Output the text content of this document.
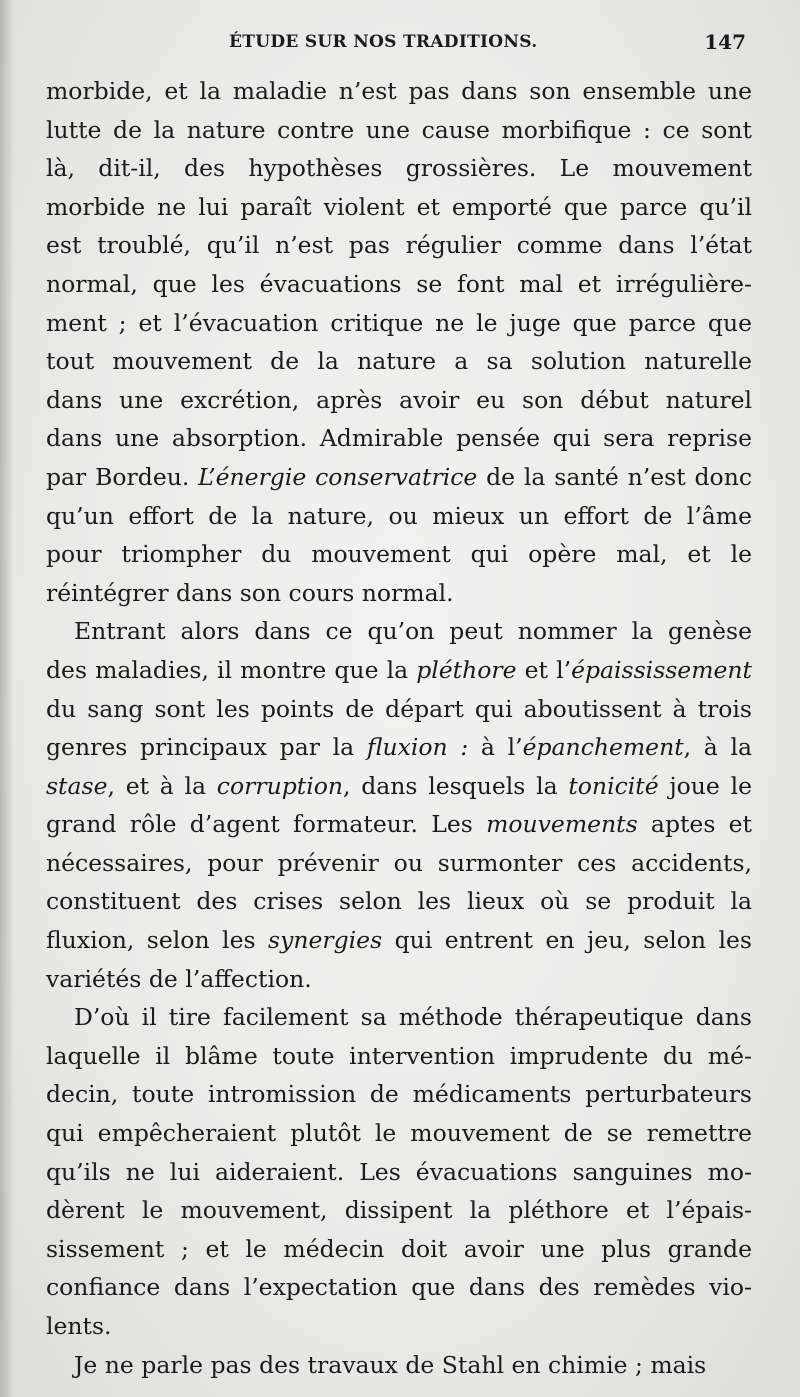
ÉTUDE SUR NOS TRADITIONS.	147
morbide, et la maladie n’est pas dans son ensemble une
lutte de la nature contre une cause morbifique : ce sont
là, dit-il, des hypothèses grossières. Le mouvement
morbide ne lui paraît violent et emporté que parce qu’il
est troublé, qu’il n’est pas régulier comme dans l’état
normal, que les évacuations se font mal et irrégulière-
ment ; et l’évacuation critique ne le juge que parce que
tout mouvement de la nature a sa solution naturelle
dans une excrétion, après avoir eu son début naturel
dans une absorption. Admirable pensée qui sera reprise
par Bordeu. L’énergie conservatrice de la santé n’est donc
qu’un effort de la nature, ou mieux un effort de l’âme
pour triompher du mouvement qui opère mal, et le
réintégrer dans son cours normal.
Entrant alors dans ce qu’on peut nommer la genèse
des maladies, il montre que la pléthore et l’épaississement
du sang sont les points de départ qui aboutissent à trois
genres principaux par la fluxion : à l’épanchement, à la
stase, et à la corruption, dans lesquels la tonicité joue le
grand rôle d’agent formateur. Les mouvements aptes et
nécessaires, pour prévenir ou surmonter ces accidents,
constituent des crises selon les lieux où se produit la
fluxion, selon les synergies qui entrent en jeu, selon les
variétés de l’affection.
D’où il tire facilement sa méthode thérapeutique dans
laquelle il blâme toute intervention imprudente du mé-
decin, toute intromission de médicaments perturbateurs
qui empêcheraient plutôt le mouvement de se remettre
qu’ils ne lui aideraient. Les évacuations sanguines mo-
dèrent le mouvement, dissipent la pléthore et l’épais-
sissement ; et le médecin doit avoir une plus grande
confiance dans l’expectation que dans des remèdes vio-
lents.
Je ne parle pas des travaux de Stahl en chimie ; mais
